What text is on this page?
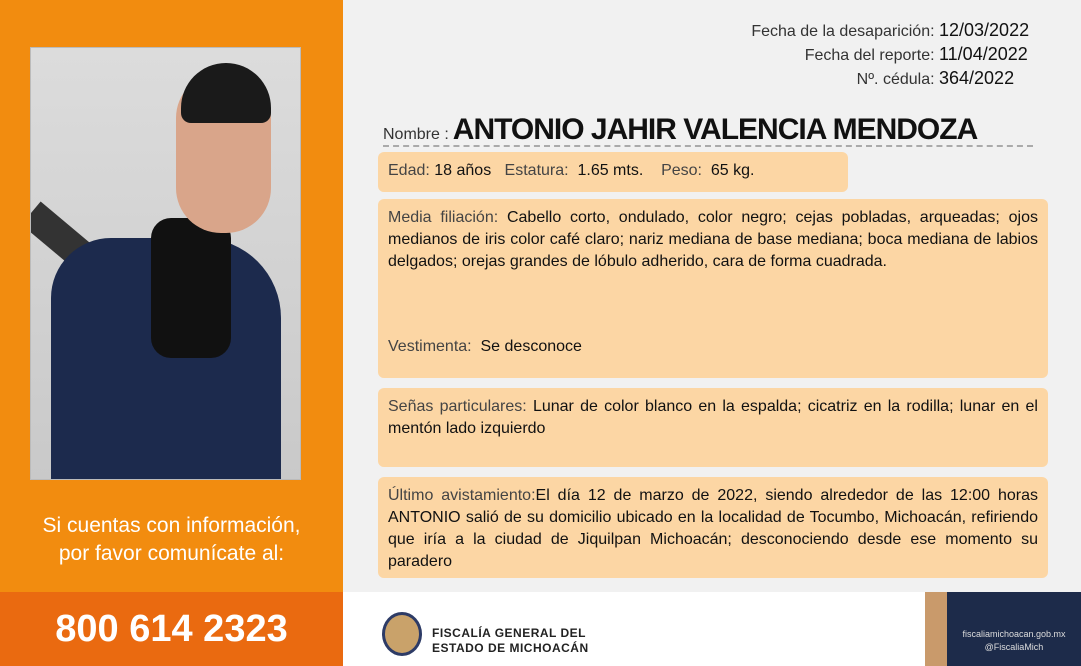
Si cuentas con información,
por favor comunícate al:
800 614 2323
Fecha de la desaparición: 12/03/2022
Fecha del reporte: 11/04/2022
Nº. cédula: 364/2022
Nombre : ANTONIO JAHIR VALENCIA MENDOZA
Edad: 18 años Estatura: 1.65 mts. Peso: 65 kg.
Media filiación: Cabello corto, ondulado, color negro; cejas pobladas, arqueadas; ojos medianos de iris color café claro; nariz mediana de base mediana; boca mediana de labios delgados; orejas grandes de lóbulo adherido, cara de forma cuadrada.
Vestimenta: Se desconoce
Señas particulares: Lunar de color blanco en la espalda; cicatriz en la rodilla; lunar en el mentón lado izquierdo
Último avistamiento:El día 12 de marzo de 2022, siendo alrededor de las 12:00 horas ANTONIO salió de su domicilio ubicado en la localidad de Tocumbo, Michoacán, refiriendo que iría a la ciudad de Jiquilpan Michoacán; desconociendo desde ese momento su paradero
FISCALÍA GENERAL DEL
ESTADO DE MICHOACÁN
fiscaliamichoacan.gob.mx
@FiscaliaMich
